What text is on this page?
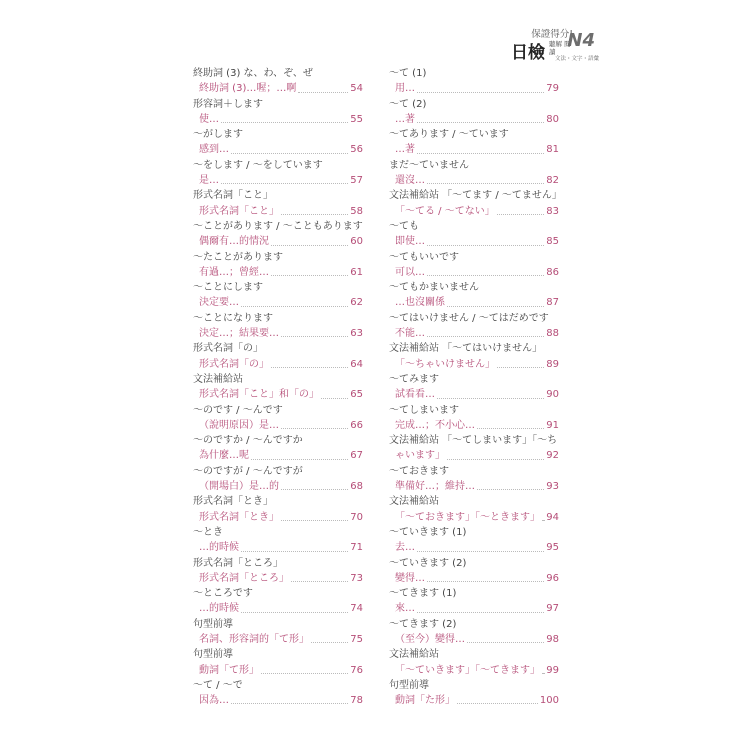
保證得分!
日檢 聽解 閱讀
N4
文法・文字・語彙
終助詞 (3) な、わ、ぞ、ぜ
終助詞 (3)…喔；…啊	54
形容詞＋します
使…	55
～がします
感到…	56
～をします / ～をしています
是…	57
形式名詞「こと」
形式名詞「こと」	58
～ことがあります / ～こともあります
偶爾有…的情況	60
～たことがあります
有過…；曾經…	61
～ことにします
決定要…	62
～ことになります
決定…；結果要…	63
形式名詞「の」
形式名詞「の」	64
文法補給站
形式名詞「こと」和「の」	65
～のです / ～んです
（說明原因）是…	66
～のですか / ～んですか
為什麼…呢	67
～のですが / ～んですが
（開場白）是…的	68
形式名詞「とき」
形式名詞「とき」	70
～とき
…的時候	71
形式名詞「ところ」
形式名詞「ところ」	73
～ところです
…的時候	74
句型前導
名詞、形容詞的「て形」	75
句型前導
動詞「て形」	76
～て / ～で
因為…	78
～て (1)
用…	79
～て (2)
…著	80
～てあります / ～ています
…著	81
まだ～ていません
還沒…	82
文法補給站 「～てます / ～てません」
「～てる / ～てない」	83
～ても
即使…	85
～てもいいです
可以…	86
～てもかまいません
…也沒關係	87
～てはいけません / ～てはだめです
不能…	88
文法補給站 「～てはいけません」
「～ちゃいけません」	89
～てみます
試看看…	90
～てしまいます
完成…；不小心…	91
文法補給站 「～てしまいます」「～ち
ゃいます」	92
～ておきます
準備好…；維持…	93
文法補給站
「～ておきます」「～ときます」 94
～ていきます (1)
去…	95
～ていきます (2)
變得…	96
～てきます (1)
來…	97
～てきます (2)
（至今）變得…	98
文法補給站
「～ていきます」「～てきます」 99
句型前導
動詞「た形」	100
